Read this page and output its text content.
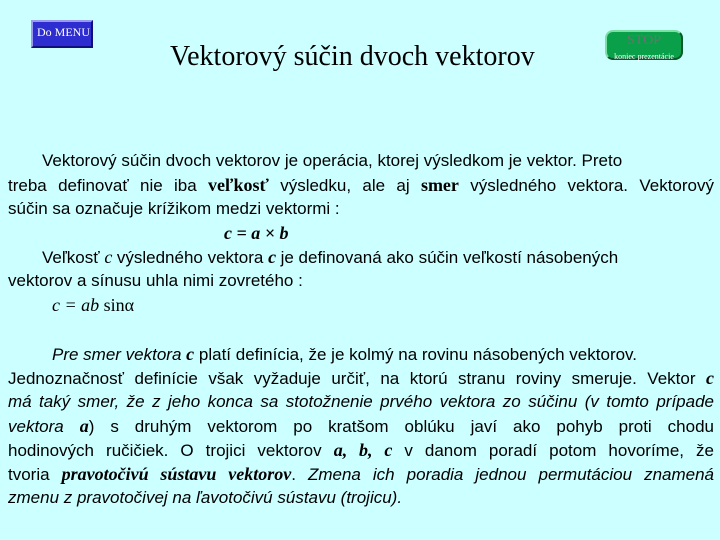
Do MENU
Vektorový súčin dvoch vektorov
STOP
koniec prezentácie
Vektorový súčin dvoch vektorov je operácia, ktorej výsledkom je vektor. Preto
treba definovať nie iba veľkosť výsledku, ale aj smer výsledného vektora. Vektorový
súčin sa označuje krížikom medzi vektormi :
c = a × b
Veľkosť c výsledného vektora c je definovaná ako súčin veľkostí násobených
vektorov a sínusu uhla nimi zovretého :
c = ab sinα
Pre smer vektora c platí definícia, že je kolmý na rovinu násobených vektorov.
Jednoznačnosť definície však vyžaduje určiť, na ktorú stranu roviny smeruje. Vektor c
má taký smer, že z jeho konca sa stotožnenie prvého vektora zo súčinu (v tomto prípade
vektora a) s druhým vektorom po kratšom oblúku javí ako pohyb proti chodu
hodinových ručičiek. O trojici vektorov a, b, c v danom poradí potom hovoríme, že
tvoria pravotočivú sústavu vektorov. Zmena ich poradia jednou permutáciou znamená
zmenu z pravotočivej na ľavotočivú sústavu (trojicu).
